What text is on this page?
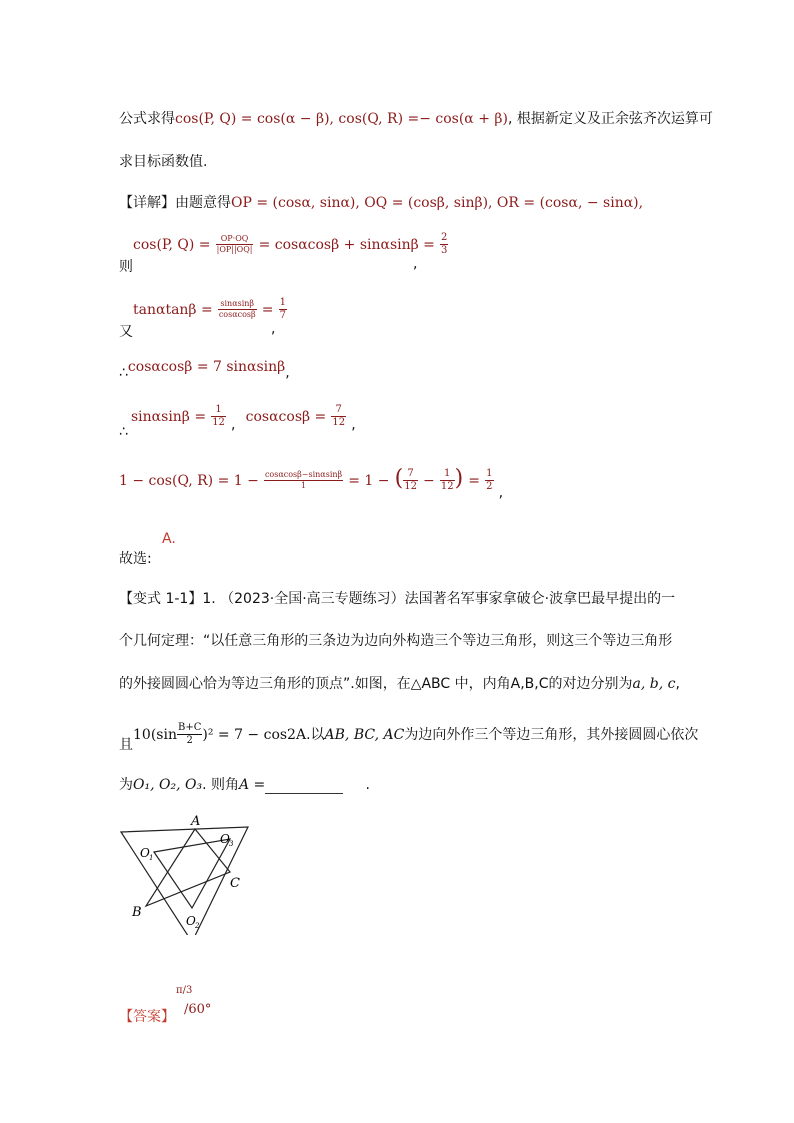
公式求得cos(P, Q) = cos(α − β), cos(Q, R) =− cos(α + β), 根据新定义及正余弦齐次运算可
求目标函数值.
【详解】由题意得OP = (cosα, sinα), OQ = (cosβ, sinβ), OR = (cosα, − sinα),
cos(P, $Q) = \frac{OP\cdot OQ}{|OP||OQ|} = \cos\alpha\cos\beta + \sin\alpha\sin\beta = \frac{2}{3}$
则	,
$\tan\alpha\tan\beta = \frac{\sin\alpha\sin\beta}{\cos\alpha\cos\beta} = \frac{1}{7}$
又	,
∴cosαcosβ = 7 sinαsinβ,
$\sin\alpha\sin\beta = \frac{1}{12}$ , $\cos\alpha\cos\beta = \frac{7}{12}$ ,
∴
1 − cos(Q, $R) = 1 - \frac{\cos\alpha\cos\beta-\sin\alpha\sin\beta}{1} = 1$ − ( $\frac{7}{12} - \frac{1}{12}$ ) = $\frac{1}{2}$ ,
A.
故选:
【变式 1-1】1. （2023·全国·高三专题练习）法国著名军事家拿破仑·波拿巴最早提出的一
个几何定理：“以任意三角形的三条边为边向外构造三个等边三角形，则这三个等边三角形
的外接圆圆心恰为等边三角形的顶点”.如图，在△ABC 中，内角A,B,C的对边分别为a, b, c,
且$10(\sin \frac{B+C}{2} )^2 = 7 - \cos 2A$.以AB, BC, AC为边向外作三个等边三角形，其外接圆圆心依次
为O₁, O₂, O₃. 则角A =	.
A
B
C
O 1
O 2
O 3
【答案】
π/3
/60°
